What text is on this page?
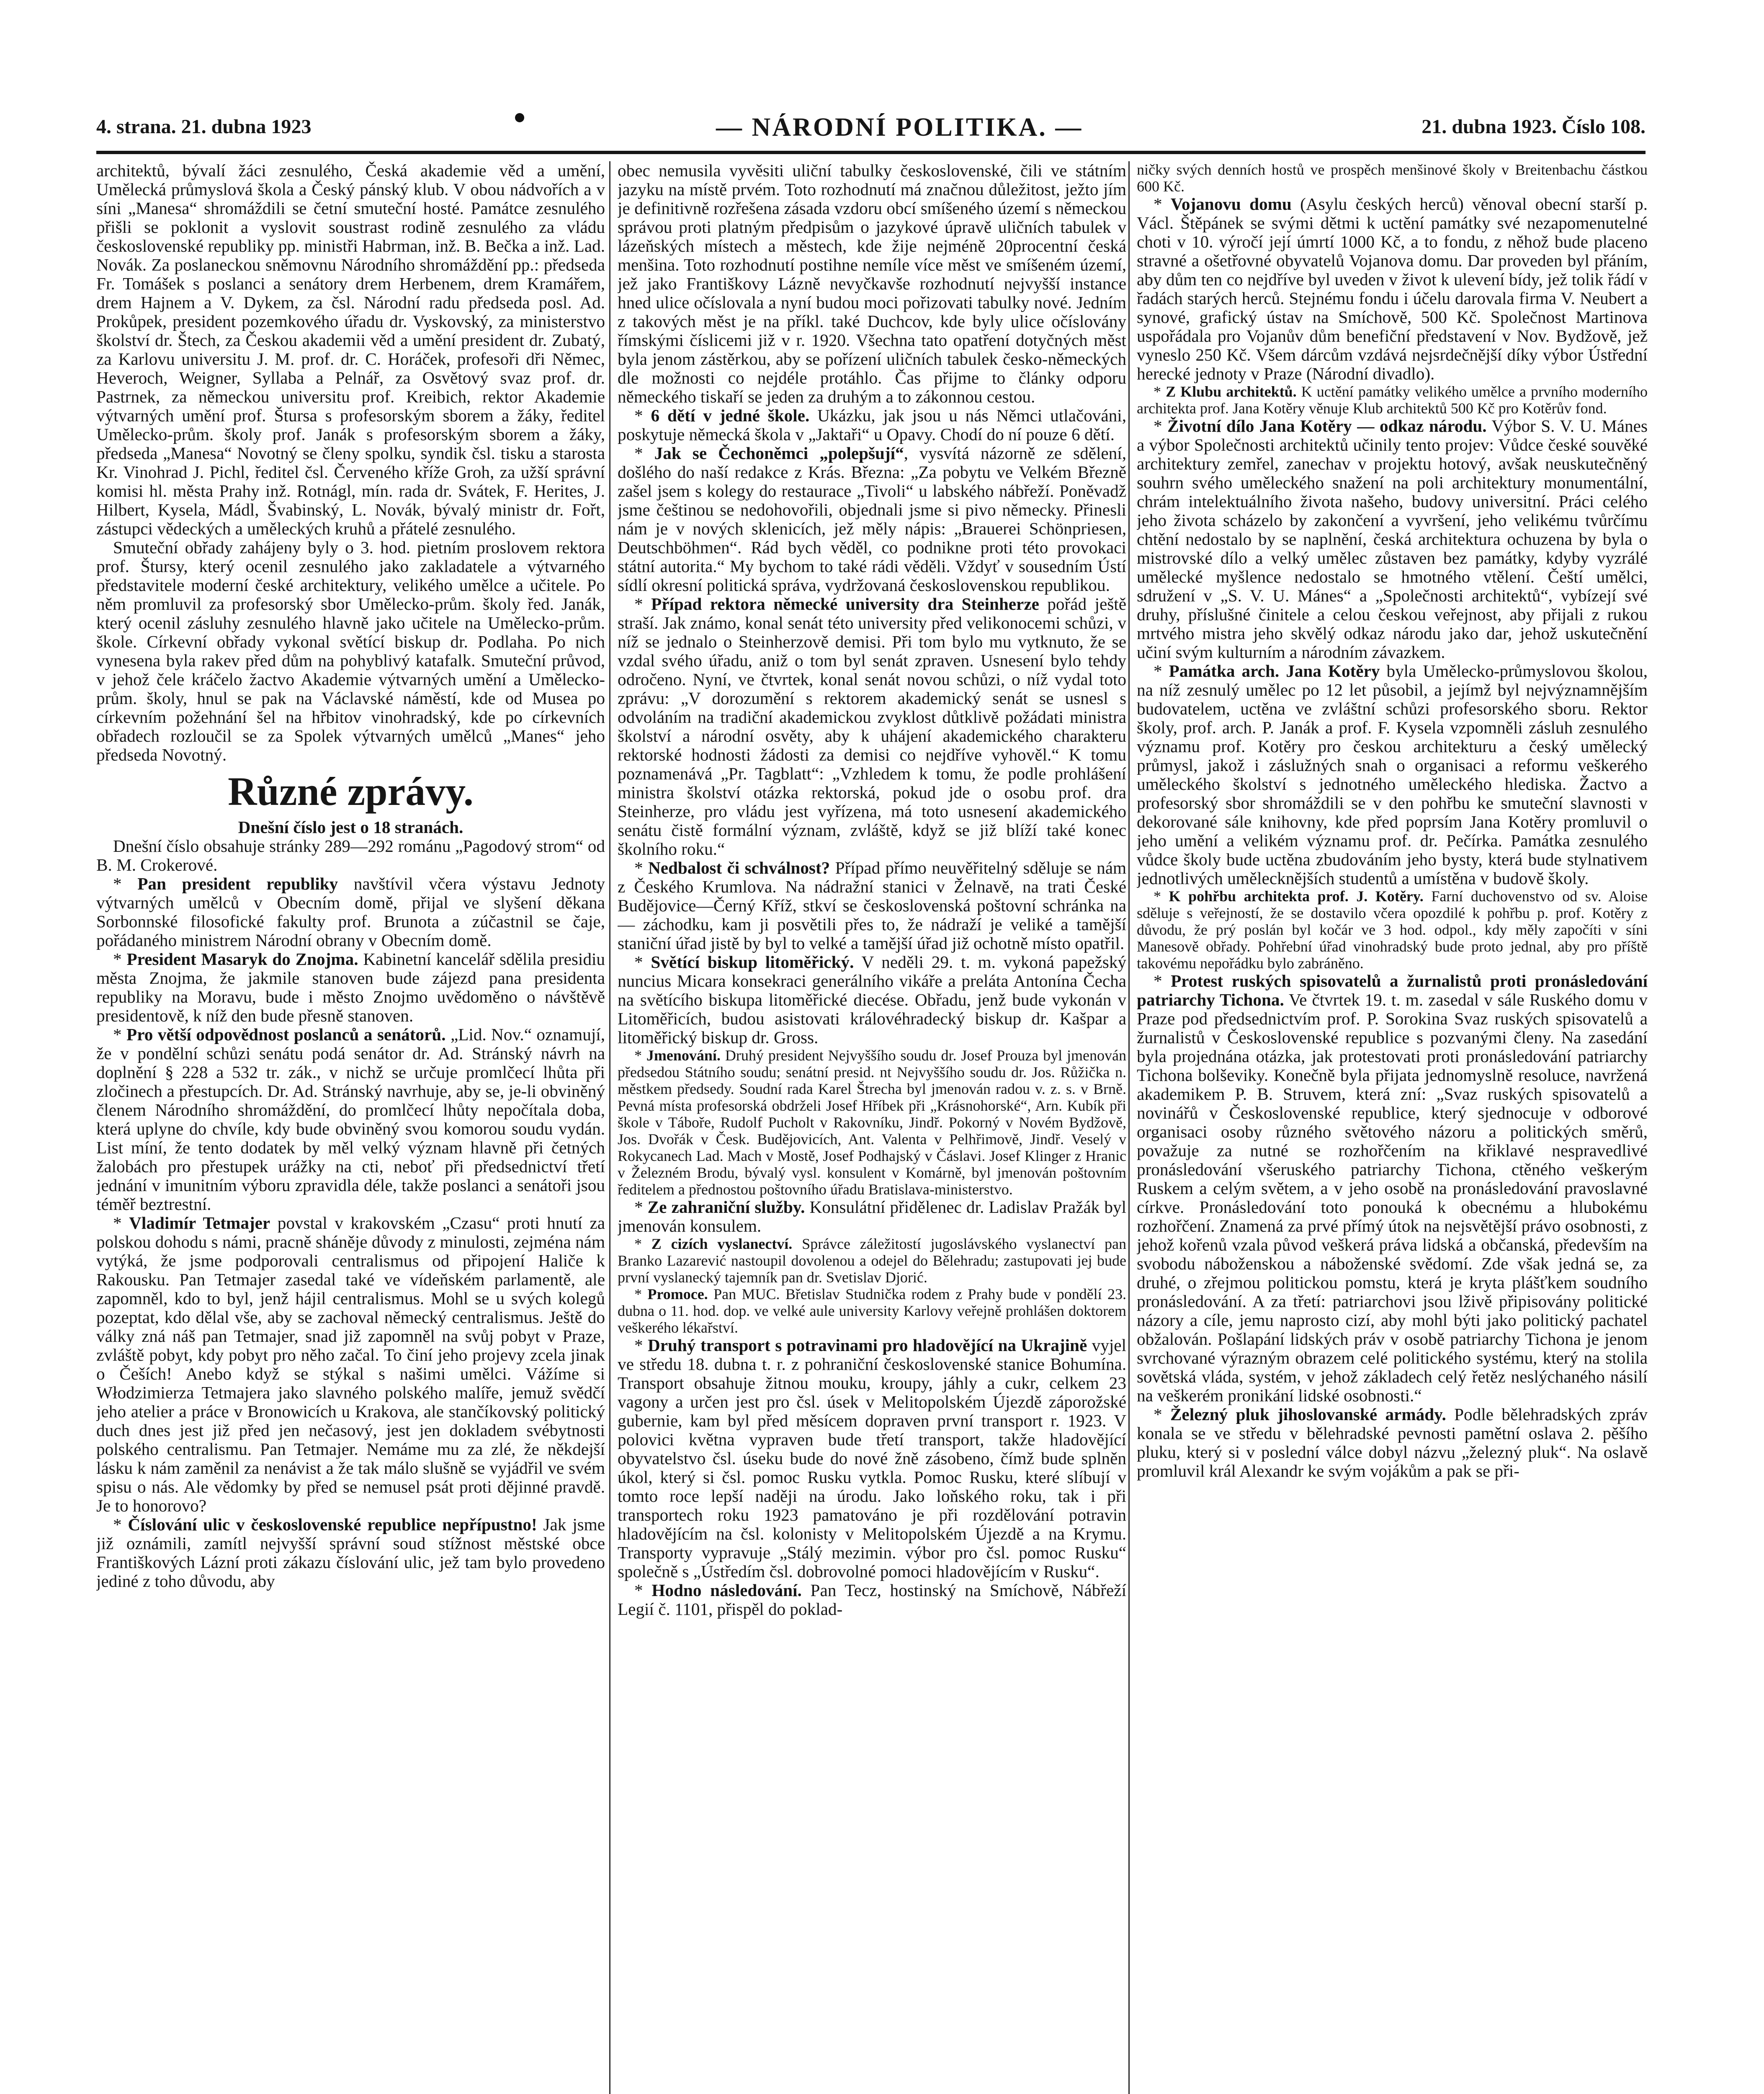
4. strana. 21. dubna 1923	— NÁRODNÍ POLITIKA. —	21. dubna 1923. Číslo 108.

architektů, bývalí žáci zesnulého, Česká akademie věd a umění, Umělecká průmyslová škola a Český pánský klub. V obou nádvořích a v síni „Manesa“ shromáždili se četní smuteční hosté. Památce zesnulého přišli se poklonit a vyslovit soustrast rodině zesnulého za vládu československé republiky pp. ministři Habrman, inž. B. Bečka a inž. Lad. Novák. Za poslaneckou sněmovnu Národního shromáždění pp.: předseda Fr. Tomášek s poslanci a senátory drem Herbenem, drem Kramářem, drem Hajnem a V. Dykem, za čsl. Národní radu předseda posl. Ad. Prokůpek, president pozemkového úřadu dr. Vyskovský, za ministerstvo školství dr. Štech, za Českou akademii věd a umění president dr. Zubatý, za Karlovu universitu J. M. prof. dr. C. Horáček, profesoři dři Němec, Heveroch, Weigner, Syllaba a Pelnář, za Osvětový svaz prof. dr. Pastrnek, za německou universitu prof. Kreibich, rektor Akademie výtvarných umění prof. Štursa s profesorským sborem a žáky, ředitel Umělecko-prům. školy prof. Janák s profesorským sborem a žáky, předseda „Manesa“ Novotný se členy spolku, syndik čsl. tisku a starosta Kr. Vinohrad J. Pichl, ředitel čsl. Červeného kříže Groh, za užší správní komisi hl. města Prahy inž. Rotnágl, mín. rada dr. Svátek, F. Herites, J. Hilbert, Kysela, Mádl, Švabinský, L. Novák, bývalý ministr dr. Fořt, zástupci vědeckých a uměleckých kruhů a přátelé zesnulého.

Smuteční obřady zahájeny byly o 3. hod. pietním proslovem rektora prof. Štursy, který ocenil zesnulého jako zakladatele a výtvarného představitele moderní české architektury, velikého umělce a učitele. Po něm promluvil za profesorský sbor Umělecko-prům. školy řed. Janák, který ocenil zásluhy zesnulého hlavně jako učitele na Umělecko-prům. škole. Církevní obřady vykonal světící biskup dr. Podlaha. Po nich vynesena byla rakev před dům na pohyblivý katafalk. Smuteční průvod, v jehož čele kráčelo žactvo Akademie výtvarných umění a Umělecko-prům. školy, hnul se pak na Václavské náměstí, kde od Musea po církevním požehnání šel na hřbitov vinohradský, kde po církevních obřadech rozloučil se za Spolek výtvarných umělců „Manes“ jeho předseda Novotný.

Různé zprávy.

Dnešní číslo jest o 18 stranách.

Dnešní číslo obsahuje stránky 289—292 románu „Pagodový strom“ od B. M. Crokerové.

* Pan president republiky navštívil včera výstavu Jednoty výtvarných umělců v Obecním domě, přijal ve slyšení děkana Sorbonnské filosofické fakulty prof. Brunota a zúčastnil se čaje, pořádaného ministrem Národní obrany v Obecním domě.

* President Masaryk do Znojma. Kabinetní kancelář sdělila presidiu města Znojma, že jakmile stanoven bude zájezd pana presidenta republiky na Moravu, bude i město Znojmo uvědoměno o návštěvě presidentově, k níž den bude přesně stanoven.

* Pro větší odpovědnost poslanců a senátorů. „Lid. Nov.“ oznamují, že v pondělní schůzi senátu podá senátor dr. Ad. Stránský návrh na doplnění § 228 a 532 tr. zák., v nichž se určuje promlčecí lhůta při zločinech a přestupcích. Dr. Ad. Stránský navrhuje, aby se, je-li obviněný členem Národního shromáždění, do promlčecí lhůty nepočítala doba, která uplyne do chvíle, kdy bude obviněný svou komorou soudu vydán. List míní, že tento dodatek by měl velký význam hlavně při četných žalobách pro přestupek urážky na cti, neboť při předsednictví třetí jednání v imunitním výboru zpravidla déle, takže poslanci a senátoři jsou téměř beztrestní.

* Vladimír Tetmajer povstal v krakovském „Czasu“ proti hnutí za polskou dohodu s námi, pracně sháněje důvody z minulosti, zejména nám vytýká, že jsme podporovali centralismus od připojení Haliče k Rakousku. Pan Tetmajer zasedal také ve vídeňském parlamentě, ale zapomněl, kdo to byl, jenž hájil centralismus. Mohl se u svých kolegů pozeptat, kdo dělal vše, aby se zachoval německý centralismus. Ještě do války zná náš pan Tetmajer, snad již zapomněl na svůj pobyt v Praze, zvláště pobyt, kdy pobyt pro něho začal. To činí jeho projevy zcela jinak o Češích! Anebo když se stýkal s našimi umělci. Vážíme si Włodzimierza Tetmajera jako slavného polského malíře, jemuž svědčí jeho atelier a práce v Bronowicích u Krakova, ale stančíkovský politický duch dnes jest již před jen nečasový, jest jen dokladem svébytnosti polského centralismu. Pan Tetmajer. Nemáme mu za zlé, že někdejší lásku k nám zaměnil za nenávist a že tak málo slušně se vyjádřil ve svém spisu o nás. Ale vědomky by před se nemusel psát proti dějinné pravdě. Je to honorovo?

* Číslování ulic v československé republice nepřípustno! Jak jsme již oznámili, zamítl nejvyšší správní soud stížnost městské obce Františkových Lázní proti zákazu číslování ulic, jež tam bylo provedeno jediné z toho důvodu, aby

obec nemusila vyvěsiti uliční tabulky československé, čili ve státním jazyku na místě prvém. Toto rozhodnutí má značnou důležitost, ježto jím je definitivně rozřešena zásada vzdoru obcí smíšeného území s německou správou proti platným předpisům o jazykové úpravě uličních tabulek v lázeňských místech a městech, kde žije nejméně 20procentní česká menšina. Toto rozhodnutí postihne nemíle více měst ve smíšeném území, jež jako Františkovy Lázně nevyčkavše rozhodnutí nejvyšší instance hned ulice očíslovala a nyní budou moci pořizovati tabulky nové. Jedním z takových měst je na příkl. také Duchcov, kde byly ulice očíslovány římskými číslicemi již v r. 1920. Všechna tato opatření dotyčných měst byla jenom zástěrkou, aby se pořízení uličních tabulek česko-německých dle možnosti co nejdéle protáhlo. Čas přijme to články odporu německého tiskaří se jeden za druhým a to zákonnou cestou.

* 6 dětí v jedné škole. Ukázku, jak jsou u nás Němci utlačováni, poskytuje německá škola v „Jaktaři“ u Opavy. Chodí do ní pouze 6 dětí.

* Jak se Čechoněmci „polepšují“, vysvítá názorně ze sdělení, došlého do naší redakce z Krás. Března: „Za pobytu ve Velkém Březně zašel jsem s kolegy do restaurace „Tivoli“ u labského nábřeží. Poněvadž jsme češtinou se nedohovořili, objednali jsme si pivo německy. Přinesli nám je v nových sklenicích, jež měly nápis: „Brauerei Schönpriesen, Deutschböhmen“. Rád bych věděl, co podnikne proti této provokaci státní autorita.“ My bychom to také rádi věděli. Vždyť v sousedním Ústí sídlí okresní politická správa, vydržovaná československou republikou.

* Případ rektora německé university dra Steinherze pořád ještě straší. Jak známo, konal senát této university před velikonocemi schůzi, v níž se jednalo o Steinherzově demisi. Při tom bylo mu vytknuto, že se vzdal svého úřadu, aniž o tom byl senát zpraven. Usnesení bylo tehdy odročeno. Nyní, ve čtvrtek, konal senát novou schůzi, o níž vydal toto zprávu: „V dorozumění s rektorem akademický senát se usnesl s odvoláním na tradiční akademickou zvyklost důtklivě požádati ministra školství a národní osvěty, aby k uhájení akademického charakteru rektorské hodnosti žádosti za demisi co nejdříve vyhověl.“ K tomu poznamenává „Pr. Tagblatt“: „Vzhledem k tomu, že podle prohlášení ministra školství otázka rektorská, pokud jde o osobu prof. dra Steinherze, pro vládu jest vyřízena, má toto usnesení akademického senátu čistě formální význam, zvláště, když se již blíží také konec školního roku.“

* Nedbalost či schválnost? Případ přímo neuvěřitelný sděluje se nám z Českého Krumlova. Na nádražní stanici v Želnavě, na trati České Budějovice—Černý Kříž, stkví se československá poštovní schránka na — záchodku, kam ji posvětili přes to, že nádraží je veliké a tamější staniční úřad jistě by byl to velké a tamější úřad již ochotně místo opatřil.

* Světící biskup litoměřický. V neděli 29. t. m. vykoná papežský nuncius Micara konsekraci generálního vikáře a preláta Antonína Čecha na světícího biskupa litoměřické diecése. Obřadu, jenž bude vykonán v Litoměřicích, budou asistovati královéhradecký biskup dr. Kašpar a litoměřický biskup dr. Gross.

* Jmenování. Druhý president Nejvyššího soudu dr. Josef Prouza byl jmenován předsedou Státního soudu; senátní presid. nt Nejvyššího soudu dr. Jos. Růžička n. městkem předsedy. Soudní rada Karel Štrecha byl jmenován radou v. z. s. v Brně. Pevná místa profesorská obdrželi Josef Hříbek při „Krásnohorské“, Arn. Kubík při škole v Táboře, Rudolf Pucholt v Rakovníku, Jindř. Pokorný v Novém Bydžově, Jos. Dvořák v Česk. Budějovicích, Ant. Valenta v Pelhřimově, Jindř. Veselý v Rokycanech Lad. Mach v Mostě, Josef Podhajský v Čáslavi. Josef Klinger z Hranic v Železném Brodu, bývalý vysl. konsulent v Komárně, byl jmenován poštovním ředitelem a přednostou poštovního úřadu Bratislava-ministerstvo.

* Ze zahraniční služby. Konsulátní přidělenec dr. Ladislav Pražák byl jmenován konsulem.

* Z cizích vyslanectví. Správce záležitostí jugoslávského vyslanectví pan Branko Lazarević nastoupil dovolenou a odejel do Bělehradu; zastupovati jej bude první vyslanecký tajemník pan dr. Svetislav Djorić.

* Promoce. Pan MUC. Břetislav Studnička rodem z Prahy bude v pondělí 23. dubna o 11. hod. dop. ve velké aule university Karlovy veřejně prohlášen doktorem veškerého lékařství.

* Druhý transport s potravinami pro hladovějící na Ukrajině vyjel ve středu 18. dubna t. r. z pohraniční československé stanice Bohumína. Transport obsahuje žitnou mouku, kroupy, jáhly a cukr, celkem 23 vagony a určen jest pro čsl. úsek v Melitopolském Újezdě záporožské gubernie, kam byl před měsícem dopraven první transport r. 1923. V polovici května vypraven bude třetí transport, takže hladovějící obyvatelstvo čsl. úseku bude do nové žně zásobeno, čímž bude splněn úkol, který si čsl. pomoc Rusku vytkla. Pomoc Rusku, které slíbují v tomto roce lepší naději na úrodu. Jako loňského roku, tak i při transportech roku 1923 pamatováno je při rozdělování potravin hladovějícím na čsl. kolonisty v Melitopolském Újezdě a na Krymu. Transporty vypravuje „Stálý mezimin. výbor pro čsl. pomoc Rusku“ společně s „Ústředím čsl. dobrovolné pomoci hladovějícím v Rusku“.

* Hodno následování. Pan Tecz, hostinský na Smíchově, Nábřeží Legií č. 1101, přispěl do poklad-

ničky svých denních hostů ve prospěch menšinové školy v Breitenbachu částkou 600 Kč.

* Vojanovu domu (Asylu českých herců) věnoval obecní starší p. Václ. Štěpánek se svými dětmi k uctění památky své nezapomenutelné choti v 10. výročí její úmrtí 1000 Kč, a to fondu, z něhož bude placeno stravné a ošetřovné obyvatelů Vojanova domu. Dar proveden byl přáním, aby dům ten co nejdříve byl uveden v život k ulevení bídy, jež tolik řádí v řadách starých herců. Stejnému fondu i účelu darovala firma V. Neubert a synové, grafický ústav na Smíchově, 500 Kč. Společnost Martinova uspořádala pro Vojanův dům benefiční představení v Nov. Bydžově, jež vyneslo 250 Kč. Všem dárcům vzdává nejsrdečnější díky výbor Ústřední herecké jednoty v Praze (Národní divadlo).

* Z Klubu architektů. K uctění památky velikého umělce a prvního moderního architekta prof. Jana Kotěry věnuje Klub architektů 500 Kč pro Kotěrův fond.

* Životní dílo Jana Kotěry — odkaz národu. Výbor S. V. U. Mánes a výbor Společnosti architektů učinily tento projev: Vůdce české souvěké architektury zemřel, zanechav v projektu hotový, avšak neuskutečněný souhrn svého uměleckého snažení na poli architektury monumentální, chrám intelektuálního života našeho, budovy universitní. Práci celého jeho života scházelo by zakončení a vyvršení, jeho velikému tvůrčímu chtění nedostalo by se naplnění, česká architektura ochuzena by byla o mistrovské dílo a velký umělec zůstaven bez památky, kdyby vyzrálé umělecké myšlence nedostalo se hmotného vtělení. Čeští umělci, sdružení v „S. V. U. Mánes“ a „Společnosti architektů“, vybízejí své druhy, příslušné činitele a celou českou veřejnost, aby přijali z rukou mrtvého mistra jeho skvělý odkaz národu jako dar, jehož uskutečnění učiní svým kulturním a národním závazkem.

* Památka arch. Jana Kotěry byla Umělecko-průmyslovou školou, na níž zesnulý umělec po 12 let působil, a jejímž byl nejvýznamnějším budovatelem, uctěna ve zvláštní schůzi profesorského sboru. Rektor školy, prof. arch. P. Janák a prof. F. Kysela vzpomněli zásluh zesnulého významu prof. Kotěry pro českou architekturu a český umělecký průmysl, jakož i záslužných snah o organisaci a reformu veškerého uměleckého školství s jednotného uměleckého hlediska. Žactvo a profesorský sbor shromáždili se v den pohřbu ke smuteční slavnosti v dekorované sále knihovny, kde před poprsím Jana Kotěry promluvil o jeho umění a velikém významu prof. dr. Pečírka. Památka zesnulého vůdce školy bude uctěna zbudováním jeho bysty, která bude stylnativem jednotlivých umělecknějších studentů a umístěna v budově školy.

* K pohřbu architekta prof. J. Kotěry. Farní duchovenstvo od sv. Aloise sděluje s veřejností, že se dostavilo včera opozdilé k pohřbu p. prof. Kotěry z důvodu, že prý poslán byl kočár ve 3 hod. odpol., kdy měly započíti v síni Manesově obřady. Pohřební úřad vinohradský bude proto jednal, aby pro příště takovému nepořádku bylo zabráněno.

* Protest ruských spisovatelů a žurnalistů proti pronásledování patriarchy Tichona. Ve čtvrtek 19. t. m. zasedal v sále Ruského domu v Praze pod předsednictvím prof. P. Sorokina Svaz ruských spisovatelů a žurnalistů v Československé republice s pozvanými členy. Na zasedání byla projednána otázka, jak protestovati proti pronásledování patriarchy Tichona bolševiky. Konečně byla přijata jednomyslně resoluce, navržená akademikem P. B. Struvem, která zní: „Svaz ruských spisovatelů a novinářů v Československé republice, který sjednocuje v odborové organisaci osoby různého světového názoru a politických směrů, považuje za nutné se rozhořčením na křiklavé nespravedlivé pronásledování všeruského patriarchy Tichona, ctěného veškerým Ruskem a celým světem, a v jeho osobě na pronásledování pravoslavné církve. Pronásledování toto ponouká k obecnému a hlubokému rozhořčení. Znamená za prvé přímý útok na nejsvětější právo osobnosti, z jehož kořenů vzala původ veškerá práva lidská a občanská, především na svobodu náboženskou a náboženské svědomí. Zde však jedná se, za druhé, o zřejmou politickou pomstu, která je kryta plášťkem soudního pronásledování. A za třetí: patriarchovi jsou lživě připisovány politické názory a cíle, jemu naprosto cizí, aby mohl býti jako politický pachatel obžalován. Pošlapání lidských práv v osobě patriarchy Tichona je jenom svrchované výrazným obrazem celé politického systému, který na stolila sovětská vláda, systém, v jehož základech celý řetěz neslýchaného násilí na veškerém pronikání lidské osobnosti.“

* Železný pluk jihoslovanské armády. Podle bělehradských zpráv konala se ve středu v bělehradské pevnosti pamětní oslava 2. pěšího pluku, který si v poslední válce dobyl názvu „železný pluk“. Na oslavě promluvil král Alexandr ke svým vojákům a pak se při-
